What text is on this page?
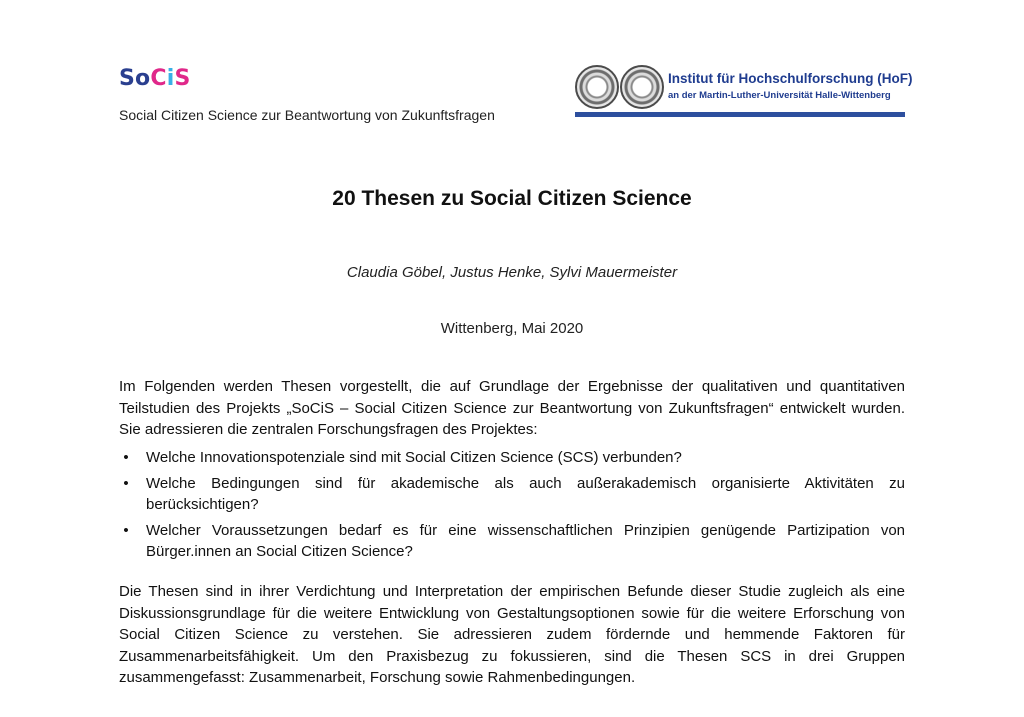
SoCiS
Social Citizen Science zur Beantwortung von Zukunftsfragen
Institut für Hochschulforschung (HoF)
an der Martin-Luther-Universität Halle-Wittenberg
20 Thesen zu Social Citizen Science
Claudia Göbel, Justus Henke, Sylvi Mauermeister
Wittenberg, Mai 2020
Im Folgenden werden Thesen vorgestellt, die auf Grundlage der Ergebnisse der qualitativen und quantitativen Teilstudien des Projekts „SoCiS – Social Citizen Science zur Beantwortung von Zukunftsfragen“ entwickelt wurden. Sie adressieren die zentralen Forschungsfragen des Projektes:
• Welche Innovationspotenziale sind mit Social Citizen Science (SCS) verbunden?
• Welche Bedingungen sind für akademische als auch außerakademisch organisierte Aktivitäten zu berücksichtigen?
• Welcher Voraussetzungen bedarf es für eine wissenschaftlichen Prinzipien genügende Partizipation von Bürger.innen an Social Citizen Science?
Die Thesen sind in ihrer Verdichtung und Interpretation der empirischen Befunde dieser Studie zugleich als eine Diskussionsgrundlage für die weitere Entwicklung von Gestaltungsoptionen sowie für die weitere Erforschung von Social Citizen Science zu verstehen. Sie adressieren zudem fördernde und hemmende Faktoren für Zusammenarbeitsfähigkeit. Um den Praxisbezug zu fokussieren, sind die Thesen SCS in drei Gruppen zusammengefasst: Zusammenarbeit, Forschung sowie Rahmenbedingungen.
